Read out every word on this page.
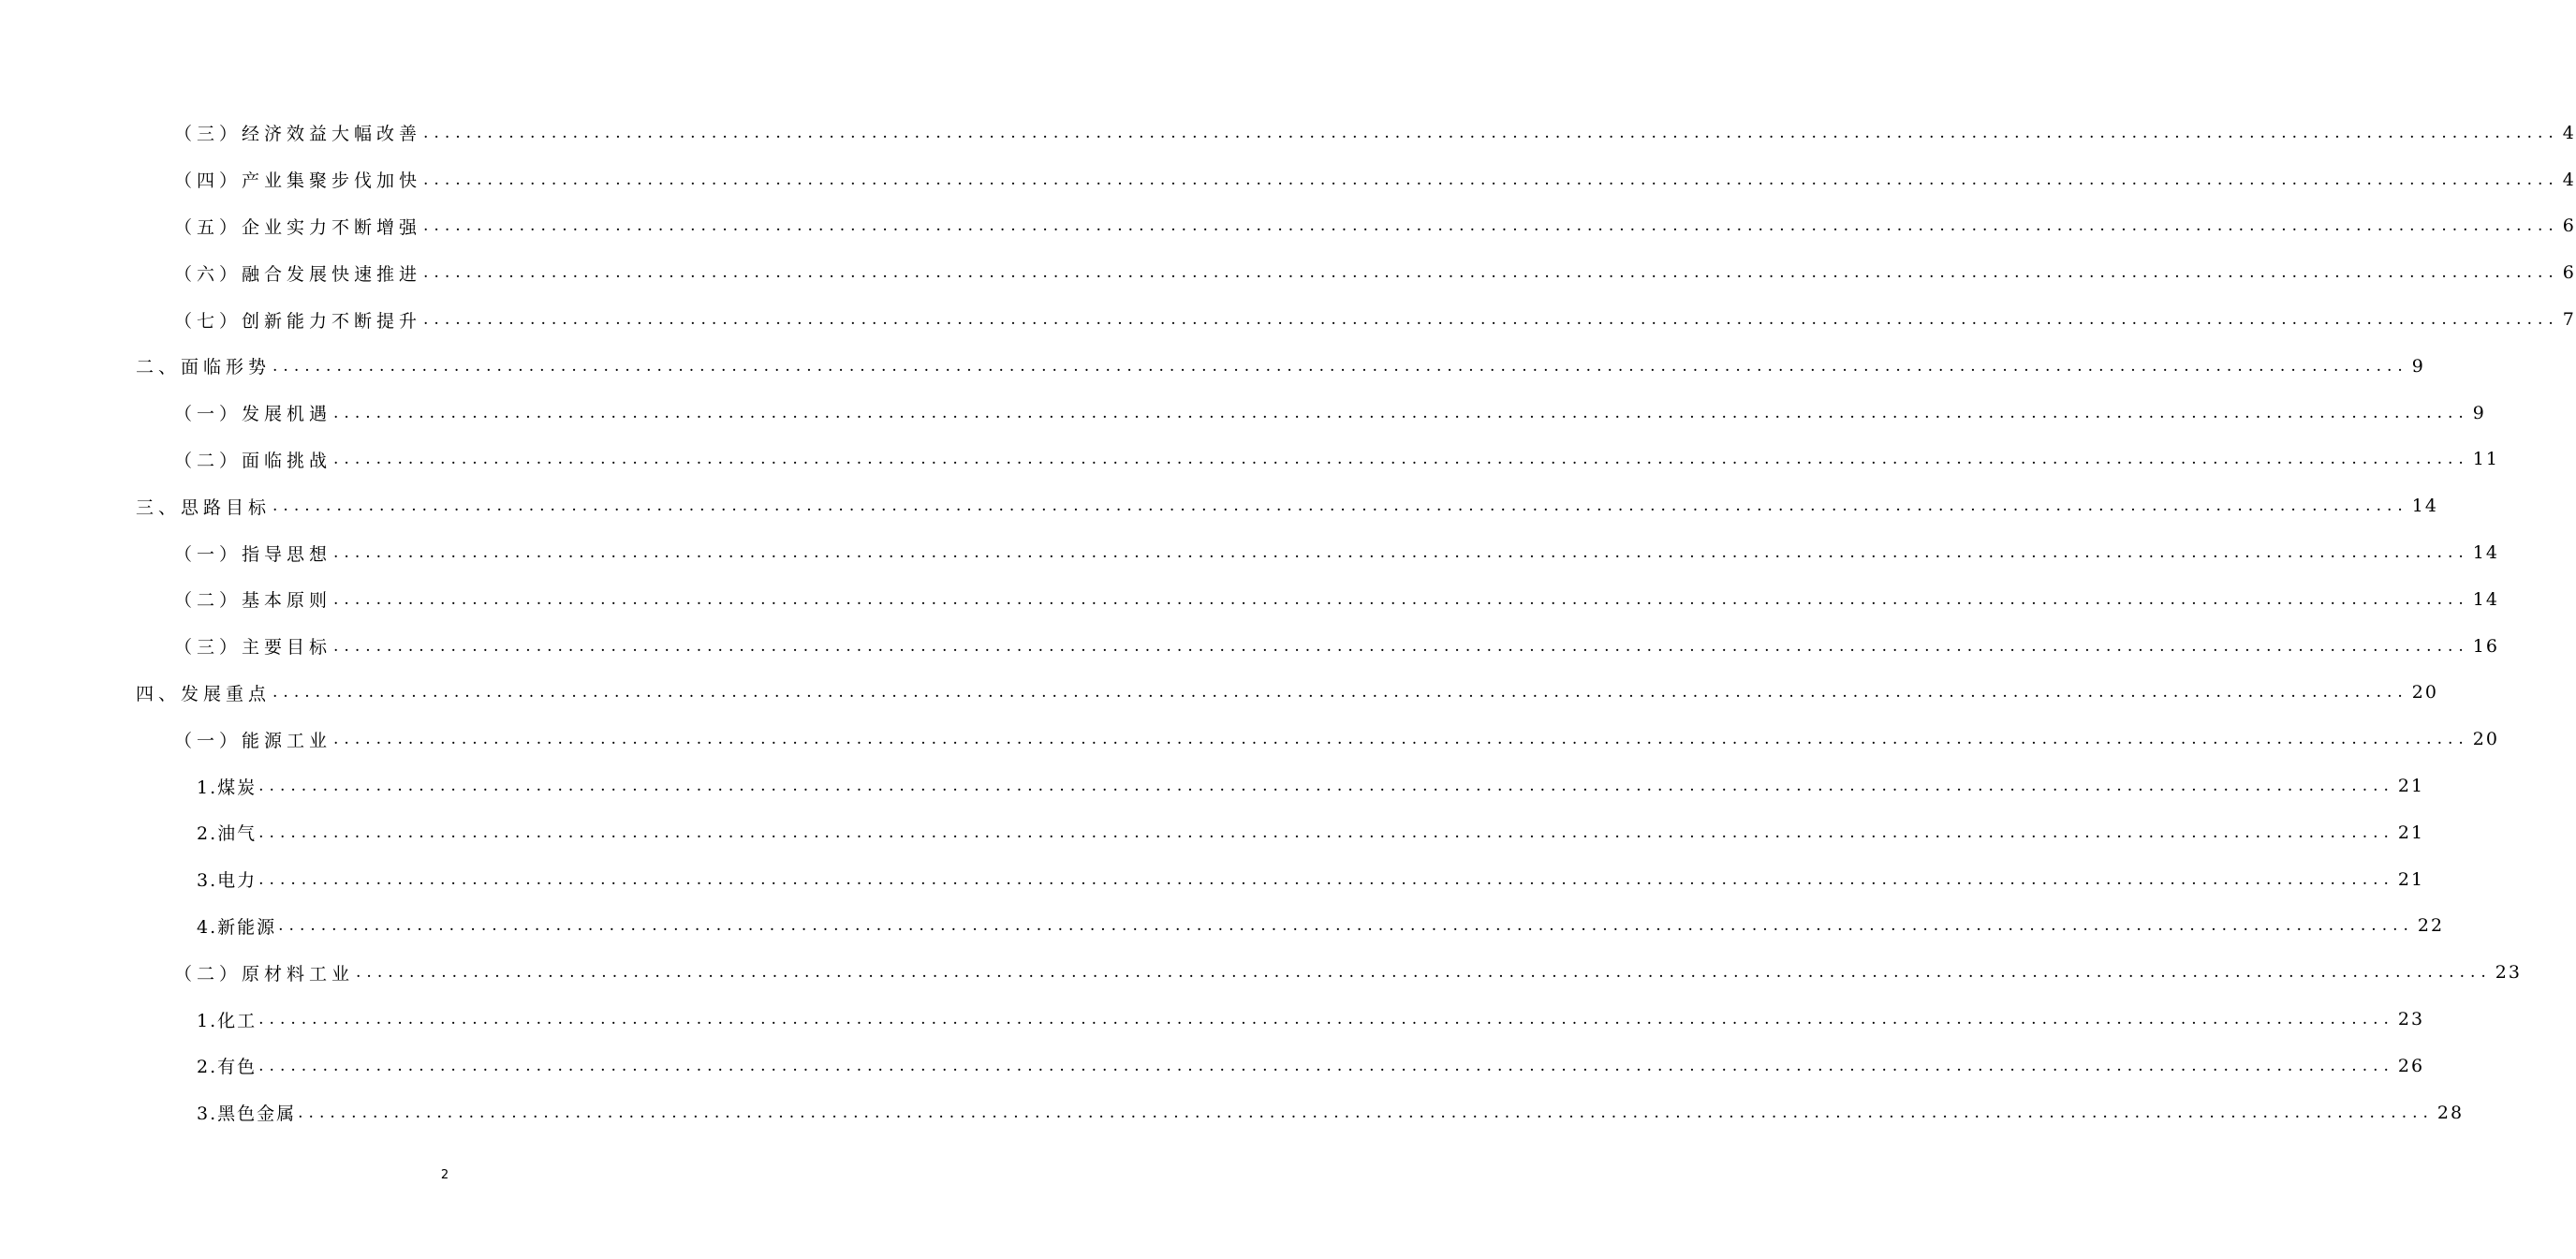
（三）经济效益大幅改善 ........................................................................................................................................................................................................ 4
（四）产业集聚步伐加快 ........................................................................................................................................................................................................ 4
（五）企业实力不断增强 ........................................................................................................................................................................................................ 6
（六）融合发展快速推进 ........................................................................................................................................................................................................ 6
（七）创新能力不断提升 ........................................................................................................................................................................................................ 7
二、面临形势 ........................................................................................................................................................................................................ 9
（一）发展机遇 ........................................................................................................................................................................................................ 9
（二）面临挑战 ........................................................................................................................................................................................................ 11
三、思路目标 ........................................................................................................................................................................................................ 14
（一）指导思想 ........................................................................................................................................................................................................ 14
（二）基本原则 ........................................................................................................................................................................................................ 14
（三）主要目标 ........................................................................................................................................................................................................ 16
四、发展重点 ........................................................................................................................................................................................................ 20
（一）能源工业 ........................................................................................................................................................................................................ 20
1.煤炭 ........................................................................................................................................................................................................ 21
2.油气 ........................................................................................................................................................................................................ 21
3.电力 ........................................................................................................................................................................................................ 21
4.新能源 ........................................................................................................................................................................................................ 22
（二）原材料工业 ........................................................................................................................................................................................................ 23
1.化工 ........................................................................................................................................................................................................ 23
2.有色 ........................................................................................................................................................................................................ 26
3.黑色金属 ........................................................................................................................................................................................................ 28
2
